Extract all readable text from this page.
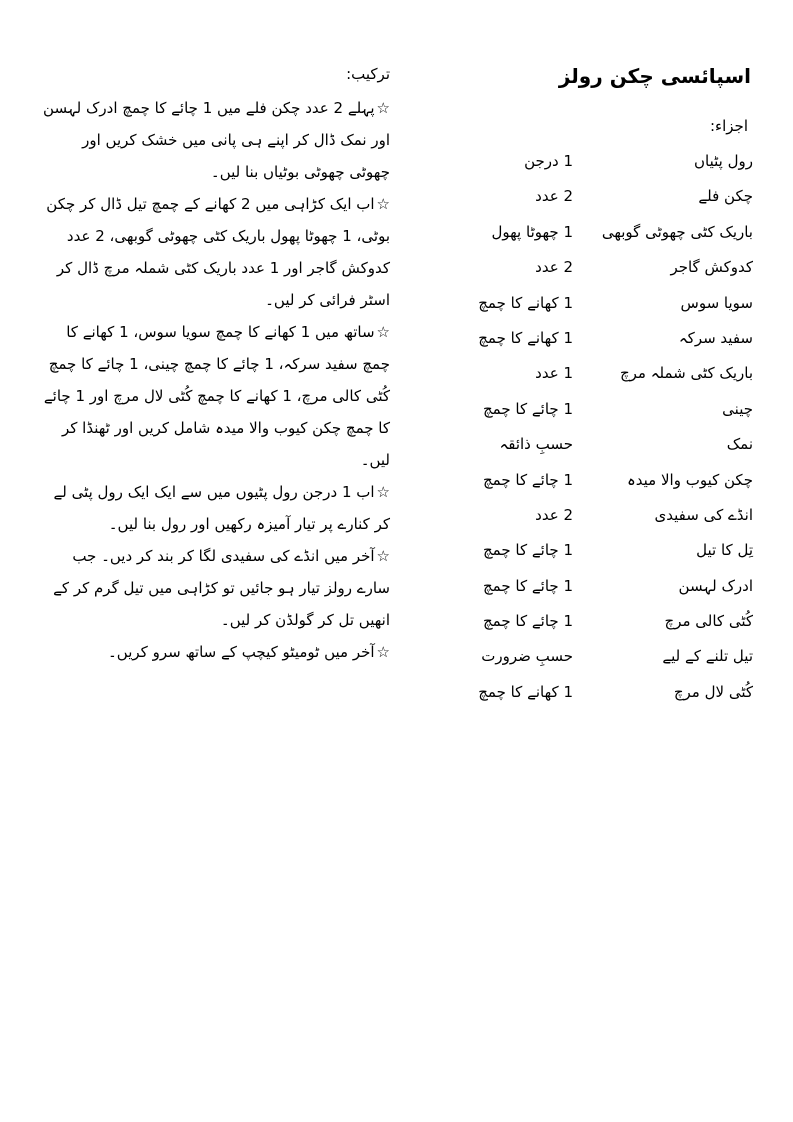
اسپائسی چکن رولز
اجزاء:
رول پٹیاں
1 درجن
چکن فلے
2 عدد
باریک کٹی چھوٹی گوبھی
1 چھوٹا پھول
کدوکش گاجر
2 عدد
سویا سوس
1 کھانے کا چمچ
سفید سرکہ
1 کھانے کا چمچ
باریک کٹی شملہ مرچ
1 عدد
چینی
1 چائے کا چمچ
نمک
حسبِ ذائقہ
چکن کیوب والا میدہ
1 چائے کا چمچ
انڈے کی سفیدی
2 عدد
تِل کا تیل
1 چائے کا چمچ
ادرک لہسن
1 چائے کا چمچ
کُٹی کالی مرچ
1 چائے کا چمچ
تیل تلنے کے لیے
حسبِ ضرورت
کُٹی لال مرچ
1 کھانے کا چمچ
ترکیب:
☆پہلے 2 عدد چکن فلے میں 1 چائے کا چمچ ادرک لہسن اور نمک ڈال کر اپنے ہی پانی میں خشک کریں اور چھوٹی چھوٹی بوٹیاں بنا لیں۔
☆اب ایک کڑاہی میں 2 کھانے کے چمچ تیل ڈال کر چکن بوٹی، 1 چھوٹا پھول باریک کٹی چھوٹی گوبھی، 2 عدد کدوکش گاجر اور 1 عدد باریک کٹی شملہ مرچ ڈال کر اسٹر فرائی کر لیں۔
☆ساتھ میں 1 کھانے کا چمچ سویا سوس، 1 کھانے کا چمچ سفید سرکہ، 1 چائے کا چمچ چینی، 1 چائے کا چمچ کُٹی کالی مرچ، 1 کھانے کا چمچ کُٹی لال مرچ اور 1 چائے کا چمچ چکن کیوب والا میدہ شامل کریں اور ٹھنڈا کر لیں۔
☆اب 1 درجن رول پٹیوں میں سے ایک ایک رول پٹی لے کر کنارے پر تیار آمیزہ رکھیں اور رول بنا لیں۔
☆آخر میں انڈے کی سفیدی لگا کر بند کر دیں۔ جب سارے رولز تیار ہو جائیں تو کڑاہی میں تیل گرم کر کے انھیں تل کر گولڈن کر لیں۔
☆آخر میں ٹومیٹو کیچپ کے ساتھ سرو کریں۔
